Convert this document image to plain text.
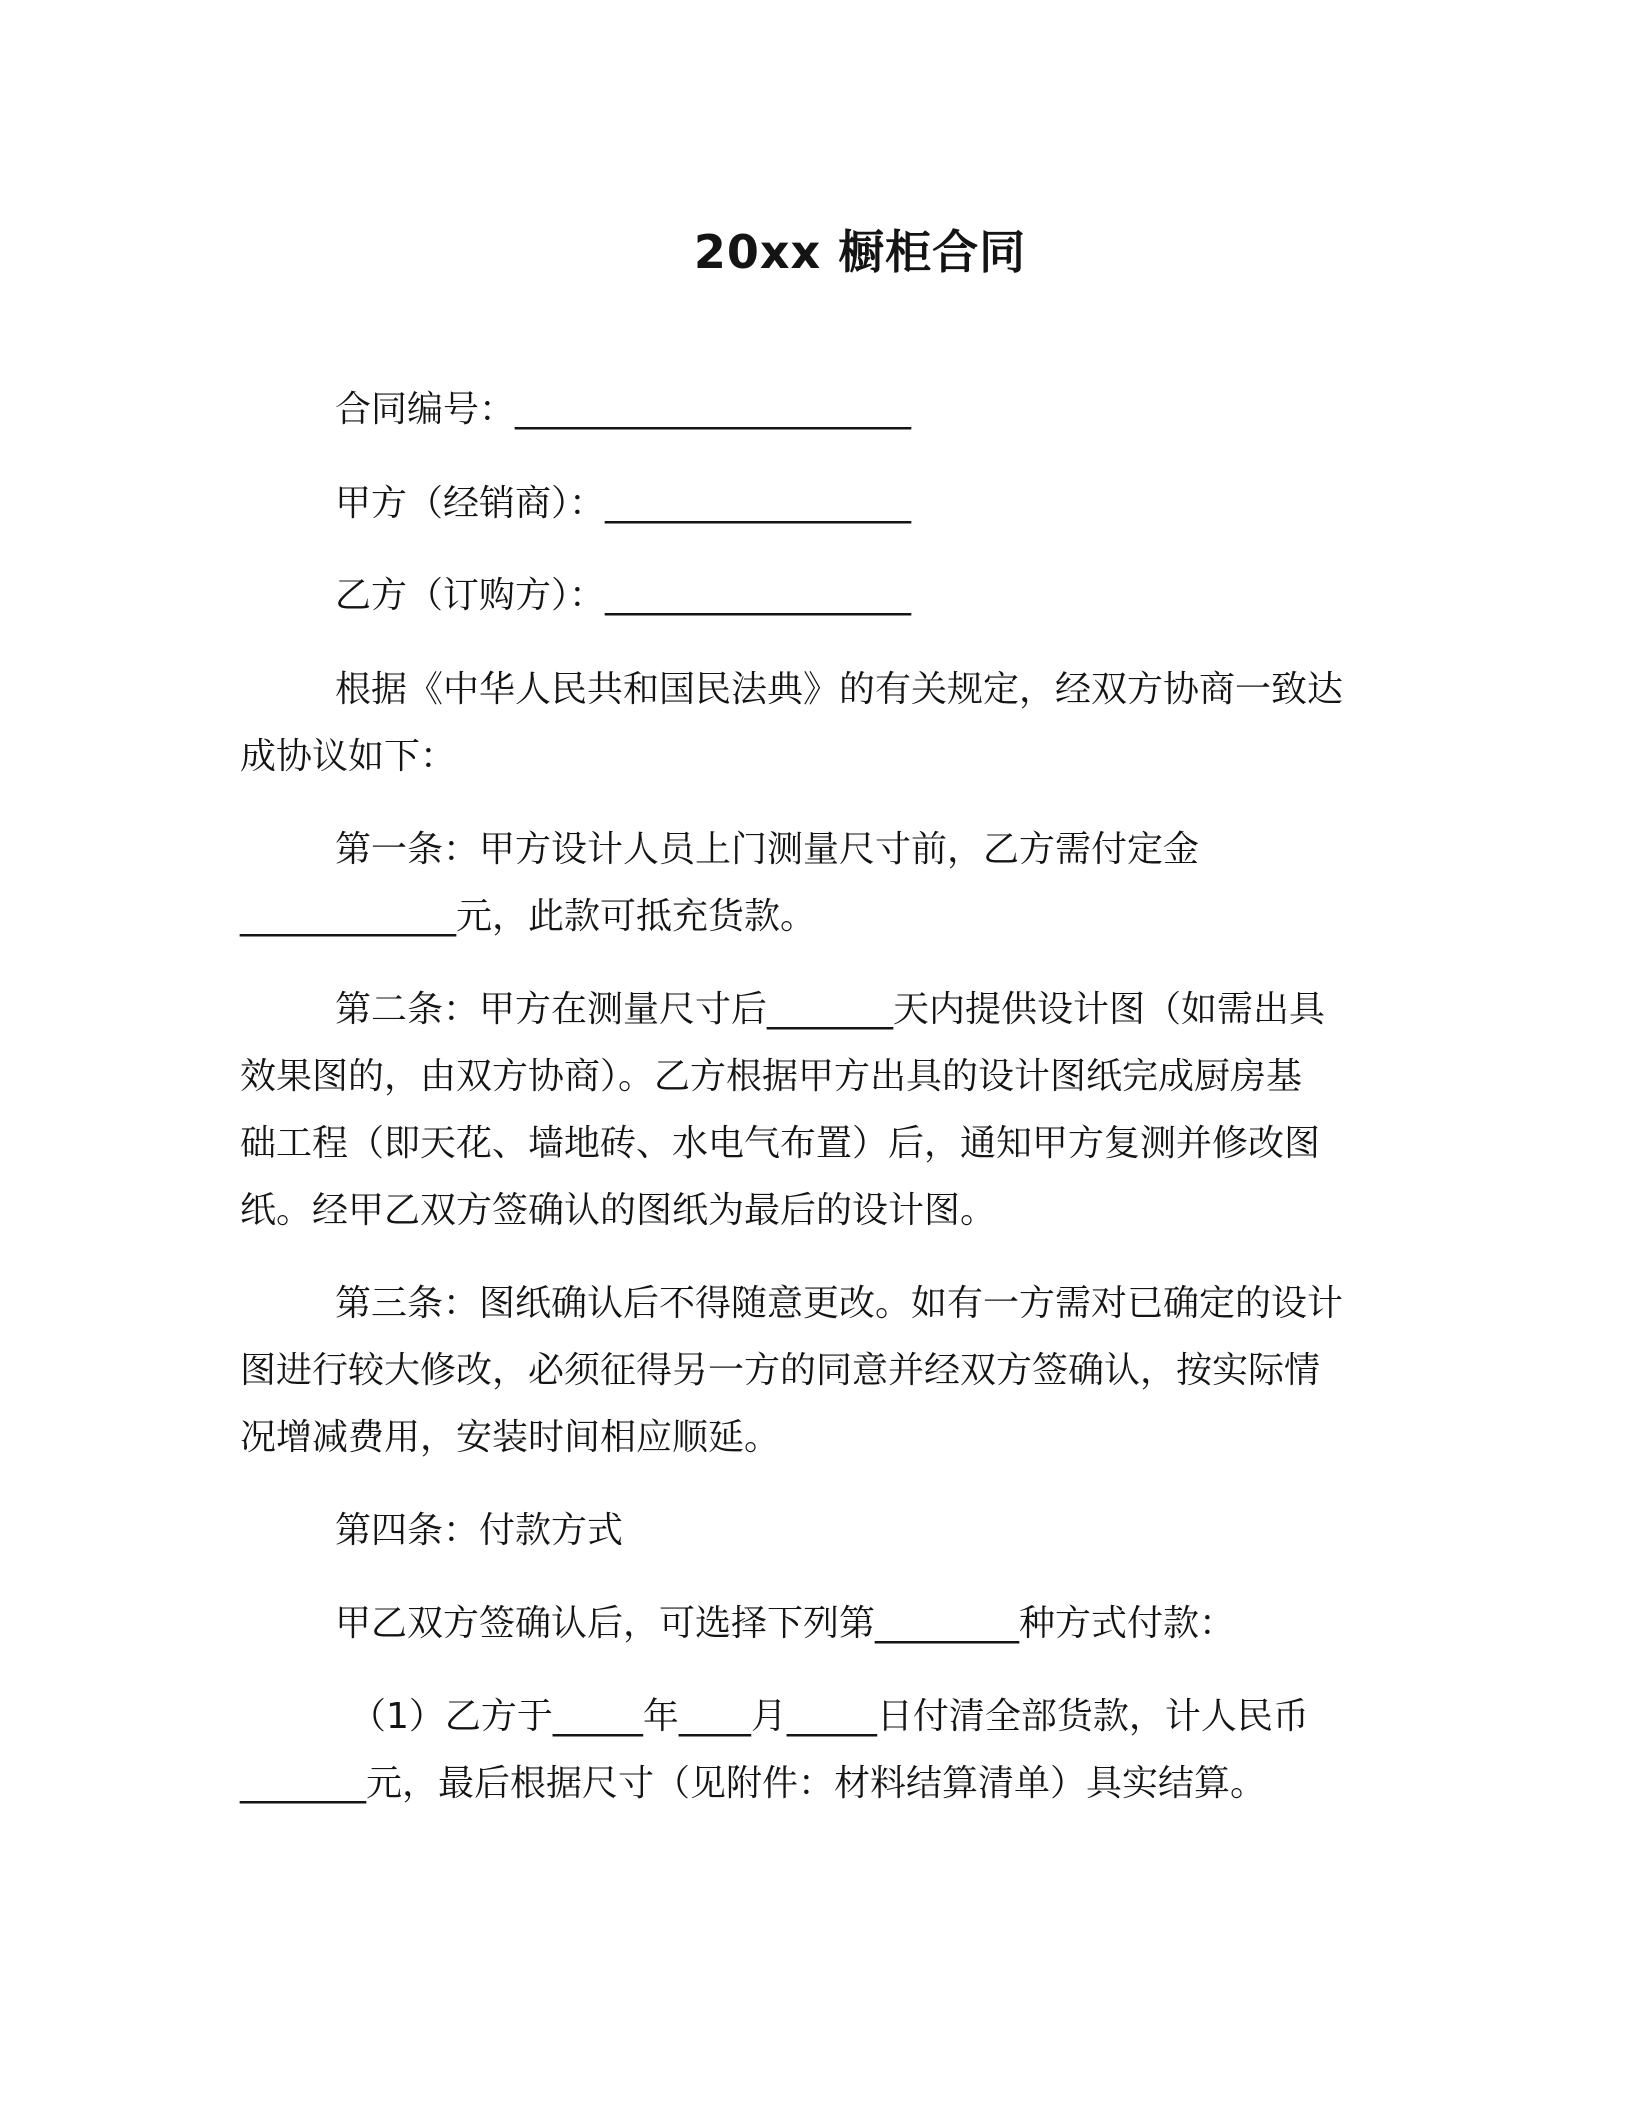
20xx 橱柜合同
合同编号：______________________
甲方（经销商）：_________________
乙方（订购方）：_________________
根据《中华人民共和国民法典》的有关规定，经双方协商一致达
成协议如下：
第一条：甲方设计人员上门测量尺寸前，乙方需付定金
____________元，此款可抵充货款。
第二条：甲方在测量尺寸后_______天内提供设计图（如需出具
效果图的，由双方协商）。乙方根据甲方出具的设计图纸完成厨房基
础工程（即天花、墙地砖、水电气布置）后，通知甲方复测并修改图
纸。经甲乙双方签确认的图纸为最后的设计图。
第三条：图纸确认后不得随意更改。如有一方需对已确定的设计
图进行较大修改，必须征得另一方的同意并经双方签确认，按实际情
况增减费用，安装时间相应顺延。
第四条：付款方式
甲乙双方签确认后，可选择下列第________种方式付款：
（1）乙方于_____年____月_____日付清全部货款，计人民币
_______元，最后根据尺寸（见附件：材料结算清单）具实结算。
